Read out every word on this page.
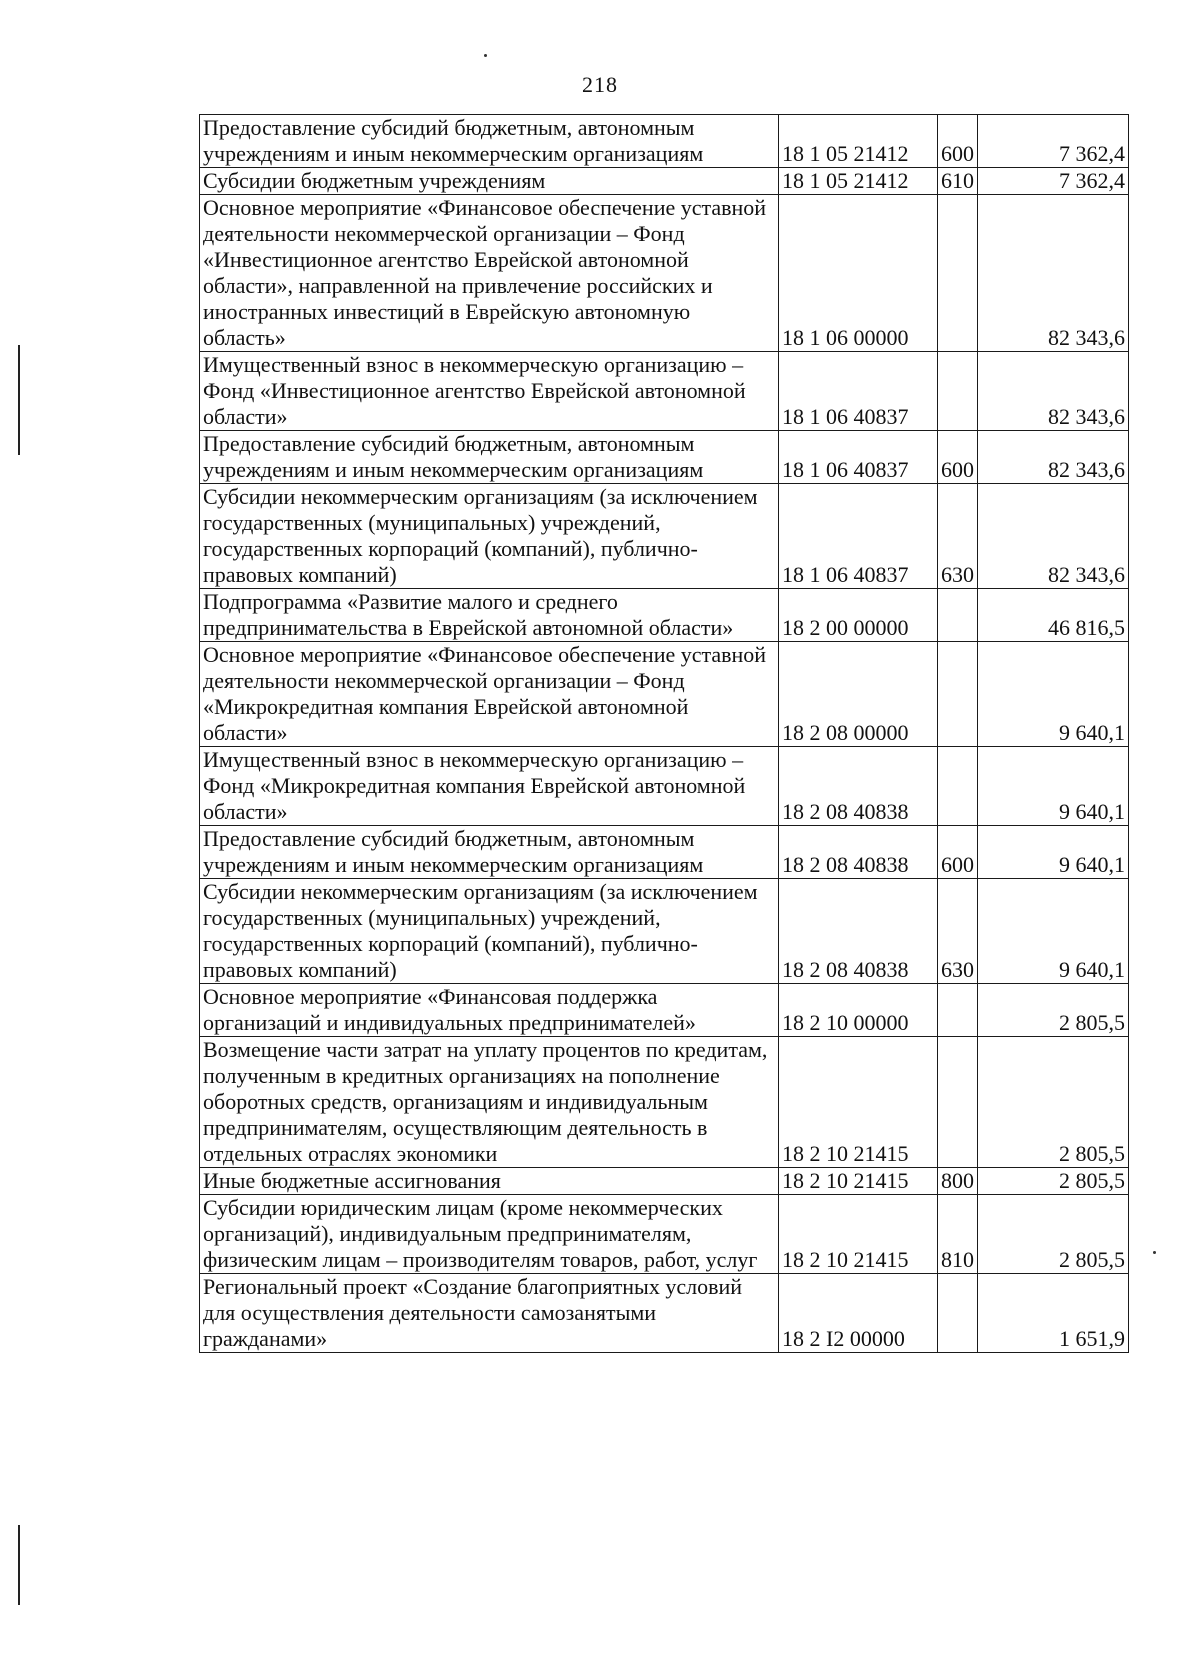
218
Предоставление субсидий бюджетным, автономным учреждениям и иным некоммерческим организациям	18 1 05 21412	600	7 362,4
Субсидии бюджетным учреждениям	18 1 05 21412	610	7 362,4
Основное мероприятие «Финансовое обеспечение уставной деятельности некоммерческой организации – Фонд «Инвестиционное агентство Еврейской автономной области», направленной на привлечение российских и иностранных инвестиций в Еврейскую автономную область»	18 1 06 00000		82 343,6
Имущественный взнос в некоммерческую организацию – Фонд «Инвестиционное агентство Еврейской автономной области»	18 1 06 40837		82 343,6
Предоставление субсидий бюджетным, автономным учреждениям и иным некоммерческим организациям	18 1 06 40837	600	82 343,6
Субсидии некоммерческим организациям (за исключением государственных (муниципальных) учреждений, государственных корпораций (компаний), публично-правовых компаний)	18 1 06 40837	630	82 343,6
Подпрограмма «Развитие малого и среднего предпринимательства в Еврейской автономной области»	18 2 00 00000		46 816,5
Основное мероприятие «Финансовое обеспечение уставной деятельности некоммерческой организации – Фонд «Микрокредитная компания Еврейской автономной области»	18 2 08 00000		9 640,1
Имущественный взнос в некоммерческую организацию – Фонд «Микрокредитная компания Еврейской автономной области»	18 2 08 40838		9 640,1
Предоставление субсидий бюджетным, автономным учреждениям и иным некоммерческим организациям	18 2 08 40838	600	9 640,1
Субсидии некоммерческим организациям (за исключением государственных (муниципальных) учреждений, государственных корпораций (компаний), публично-правовых компаний)	18 2 08 40838	630	9 640,1
Основное мероприятие «Финансовая поддержка организаций и индивидуальных предпринимателей»	18 2 10 00000		2 805,5
Возмещение части затрат на уплату процентов по кредитам, полученным в кредитных организациях на пополнение оборотных средств, организациям и индивидуальным предпринимателям, осуществляющим деятельность в отдельных отраслях экономики	18 2 10 21415		2 805,5
Иные бюджетные ассигнования	18 2 10 21415	800	2 805,5
Субсидии юридическим лицам (кроме некоммерческих организаций), индивидуальным предпринимателям, физическим лицам – производителям товаров, работ, услуг	18 2 10 21415	810	2 805,5
Региональный проект «Создание благоприятных условий для осуществления деятельности самозанятыми гражданами»	18 2 I2 00000		1 651,9
